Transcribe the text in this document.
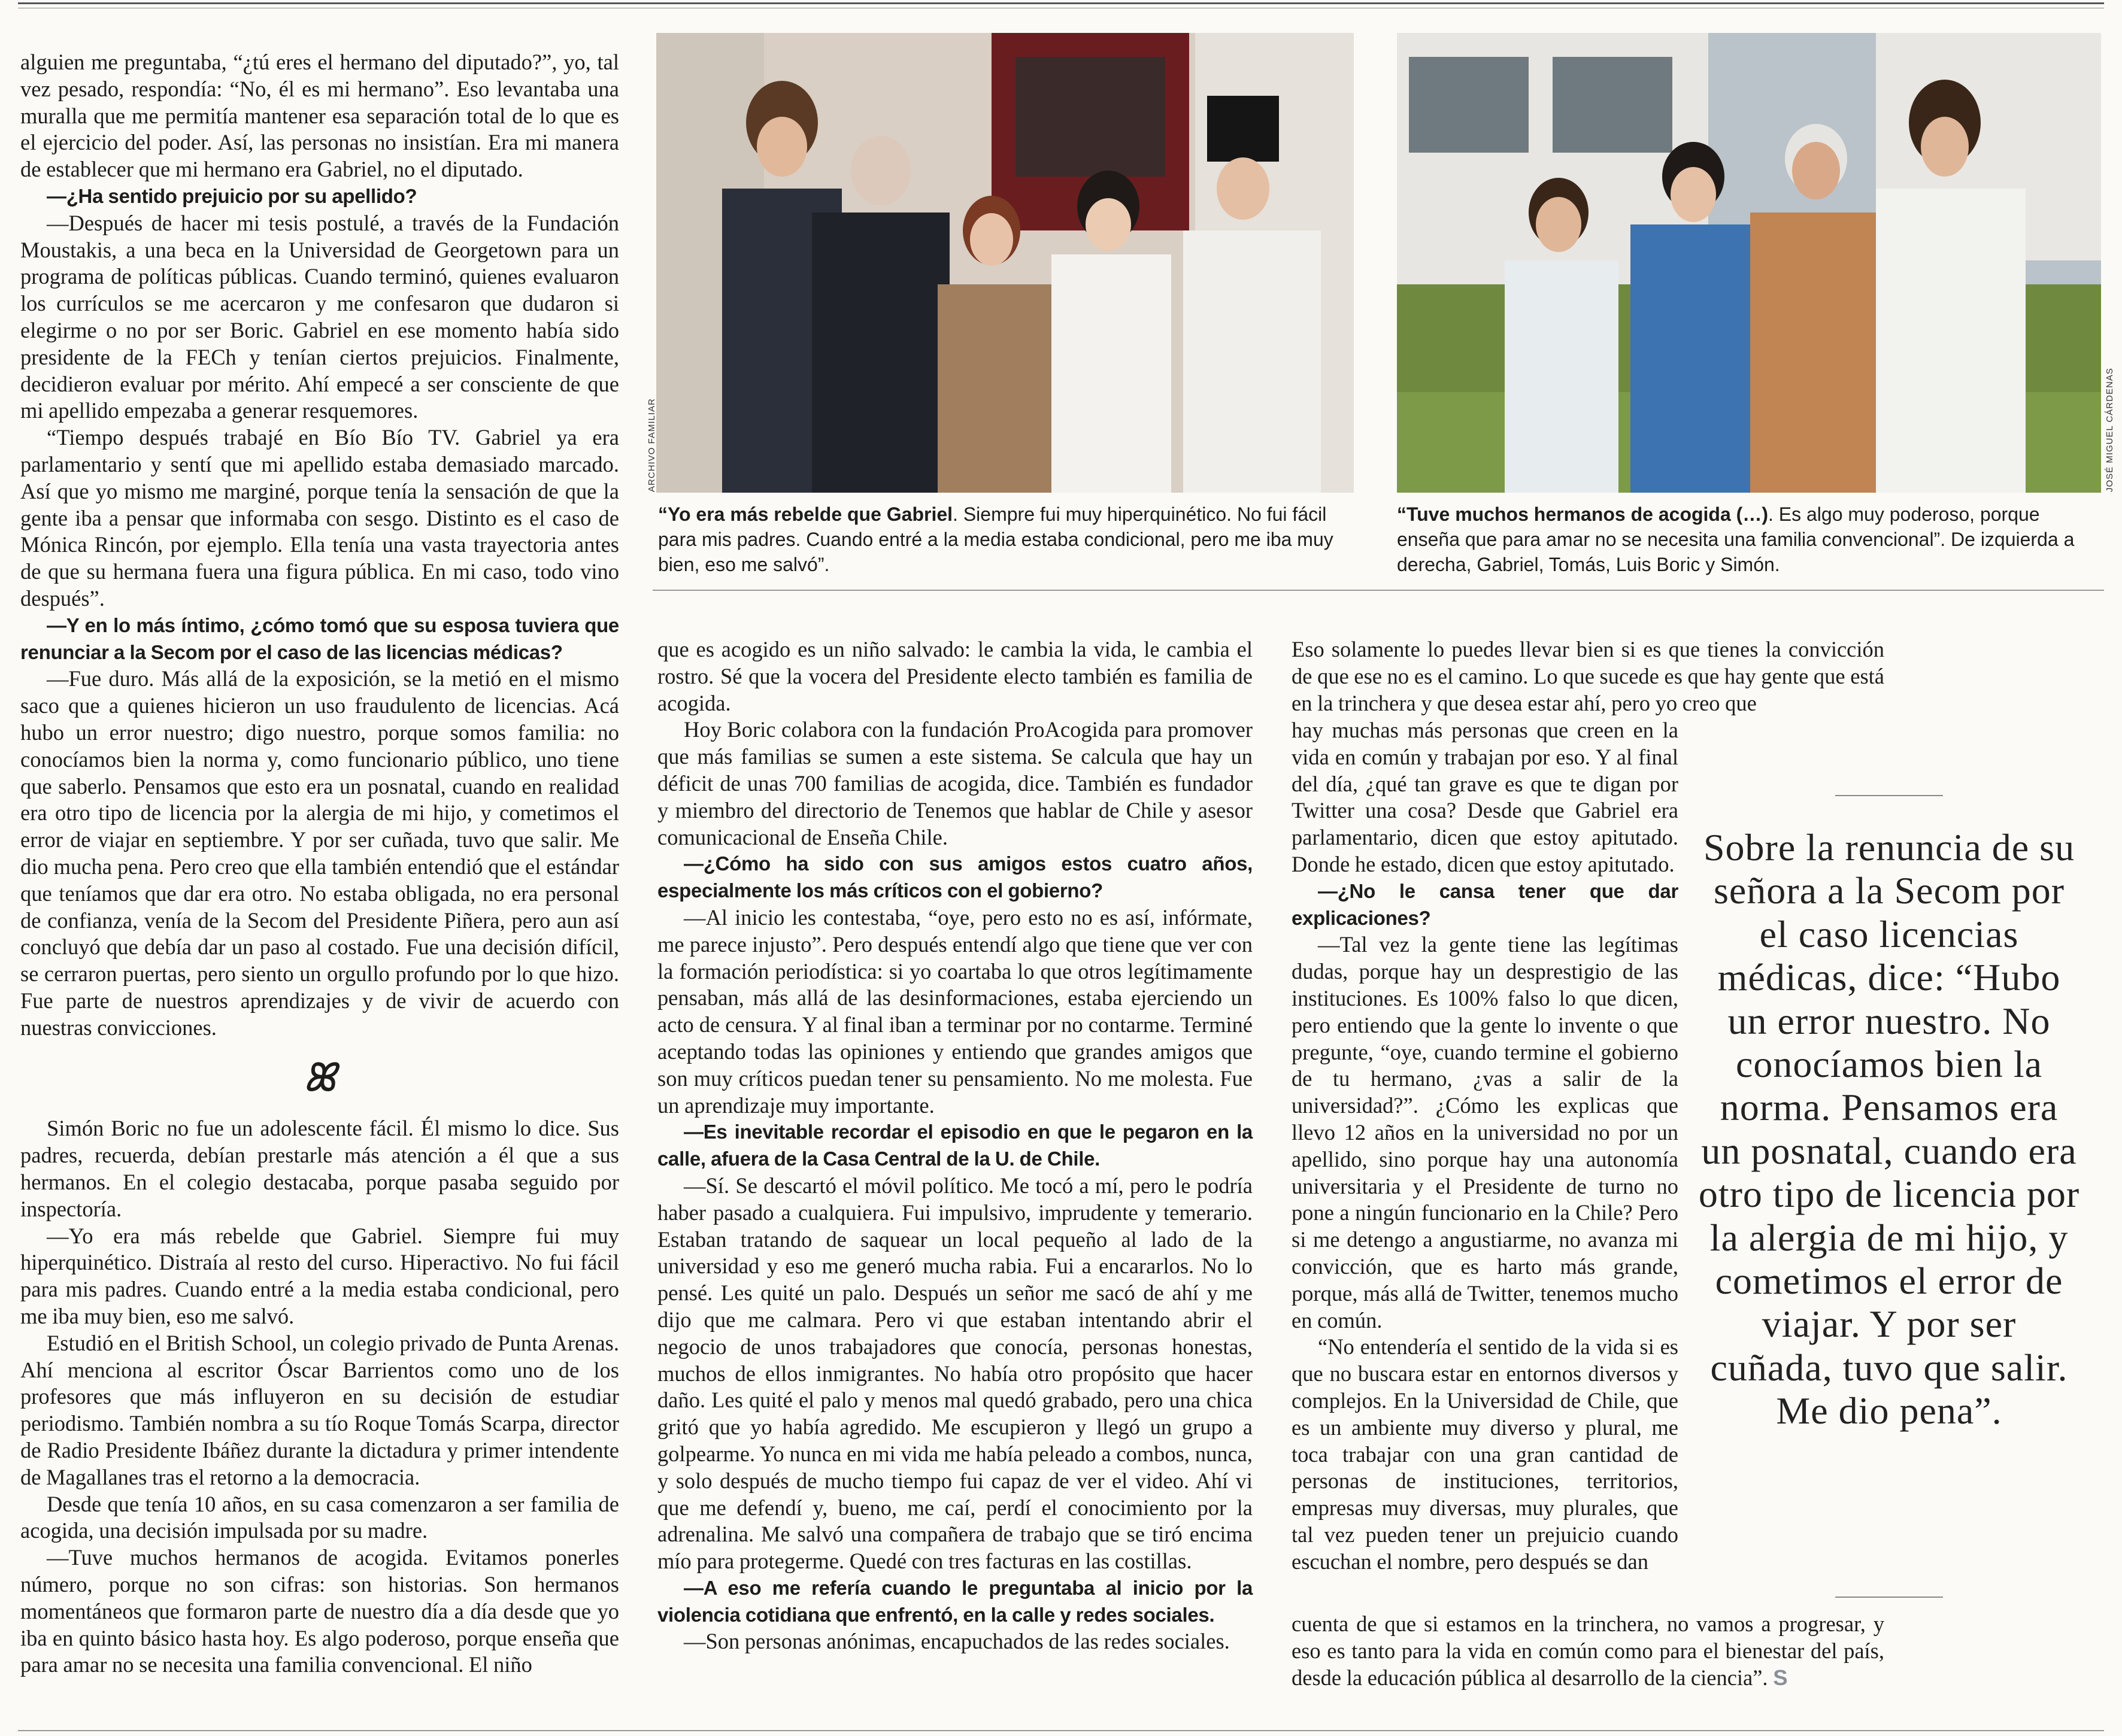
alguien me preguntaba, “¿tú eres el hermano del diputado?”, yo, tal vez pesado, respondía: “No, él es mi hermano”. Eso levantaba una muralla que me permitía mantener esa separación total de lo que es el ejercicio del poder. Así, las personas no insistían. Era mi manera de establecer que mi hermano era Gabriel, no el diputado.

—¿Ha sentido prejuicio por su apellido?

—Después de hacer mi tesis postulé, a través de la Fundación Moustakis, a una beca en la Universidad de Georgetown para un programa de políticas públicas. Cuando terminó, quienes evaluaron los currículos se me acercaron y me confesaron que dudaron si elegirme o no por ser Boric. Gabriel en ese momento había sido presidente de la FECh y tenían ciertos prejuicios. Finalmente, decidieron evaluar por mérito. Ahí empecé a ser consciente de que mi apellido empezaba a generar resquemores.

“Tiempo después trabajé en Bío Bío TV. Gabriel ya era parlamentario y sentí que mi apellido estaba demasiado marcado. Así que yo mismo me marginé, porque tenía la sensación de que la gente iba a pensar que informaba con sesgo. Distinto es el caso de Mónica Rincón, por ejemplo. Ella tenía una vasta trayectoria antes de que su hermana fuera una figura pública. En mi caso, todo vino después”.

—Y en lo más íntimo, ¿cómo tomó que su esposa tuviera que renunciar a la Secom por el caso de las licencias médicas?

—Fue duro. Más allá de la exposición, se la metió en el mismo saco que a quienes hicieron un uso fraudulento de licencias. Acá hubo un error nuestro; digo nuestro, porque somos familia: no conocíamos bien la norma y, como funcionario público, uno tiene que saberlo. Pensamos que esto era un posnatal, cuando en realidad era otro tipo de licencia por la alergia de mi hijo, y cometimos el error de viajar en septiembre. Y por ser cuñada, tuvo que salir. Me dio mucha pena. Pero creo que ella también entendió que el estándar que teníamos que dar era otro. No estaba obligada, no era personal de confianza, venía de la Secom del Presidente Piñera, pero aun así concluyó que debía dar un paso al costado. Fue una decisión difícil, se cerraron puertas, pero siento un orgullo profundo por lo que hizo. Fue parte de nuestros aprendizajes y de vivir de acuerdo con nuestras convicciones.

ꕤ

Simón Boric no fue un adolescente fácil. Él mismo lo dice. Sus padres, recuerda, debían prestarle más atención a él que a sus hermanos. En el colegio destacaba, porque pasaba seguido por inspectoría.

—Yo era más rebelde que Gabriel. Siempre fui muy hiperquinético. Distraía al resto del curso. Hiperactivo. No fui fácil para mis padres. Cuando entré a la media estaba condicional, pero me iba muy bien, eso me salvó.

Estudió en el British School, un colegio privado de Punta Arenas. Ahí menciona al escritor Óscar Barrientos como uno de los profesores que más influyeron en su decisión de estudiar periodismo. También nombra a su tío Roque Tomás Scarpa, director de Radio Presidente Ibáñez durante la dictadura y primer intendente de Magallanes tras el retorno a la democracia.

Desde que tenía 10 años, en su casa comenzaron a ser familia de acogida, una decisión impulsada por su madre.

—Tuve muchos hermanos de acogida. Evitamos ponerles número, porque no son cifras: son historias. Son hermanos momentáneos que formaron parte de nuestro día a día desde que yo iba en quinto básico hasta hoy. Es algo poderoso, porque enseña que para amar no se necesita una familia convencional. El niño

ARCHIVO FAMILIAR	JOSÉ MIGUEL CÁRDENAS
“Yo era más rebelde que Gabriel. Siempre fui muy hiperquinético. No fui fácil para mis padres. Cuando entré a la media estaba condicional, pero me iba muy bien, eso me salvó”.
“Tuve muchos hermanos de acogida (…). Es algo muy poderoso, porque enseña que para amar no se necesita una familia convencional”. De izquierda a derecha, Gabriel, Tomás, Luis Boric y Simón.

que es acogido es un niño salvado: le cambia la vida, le cambia el rostro. Sé que la vocera del Presidente electo también es familia de acogida.

Hoy Boric colabora con la fundación ProAcogida para promover que más familias se sumen a este sistema. Se calcula que hay un déficit de unas 700 familias de acogida, dice. También es fundador y miembro del directorio de Tenemos que hablar de Chile y asesor comunicacional de Enseña Chile.

—¿Cómo ha sido con sus amigos estos cuatro años, especialmente los más críticos con el gobierno?

—Al inicio les contestaba, “oye, pero esto no es así, infórmate, me parece injusto”. Pero después entendí algo que tiene que ver con la formación periodística: si yo coartaba lo que otros legítimamente pensaban, más allá de las desinformaciones, estaba ejerciendo un acto de censura. Y al final iban a terminar por no contarme. Terminé aceptando todas las opiniones y entiendo que grandes amigos que son muy críticos puedan tener su pensamiento. No me molesta. Fue un aprendizaje muy importante.

—Es inevitable recordar el episodio en que le pegaron en la calle, afuera de la Casa Central de la U. de Chile.

—Sí. Se descartó el móvil político. Me tocó a mí, pero le podría haber pasado a cualquiera. Fui impulsivo, imprudente y temerario. Estaban tratando de saquear un local pequeño al lado de la universidad y eso me generó mucha rabia. Fui a encararlos. No lo pensé. Les quité un palo. Después un señor me sacó de ahí y me dijo que me calmara. Pero vi que estaban intentando abrir el negocio de unos trabajadores que conocía, personas honestas, muchos de ellos inmigrantes. No había otro propósito que hacer daño. Les quité el palo y menos mal quedó grabado, pero una chica gritó que yo había agredido. Me escupieron y llegó un grupo a golpearme. Yo nunca en mi vida me había peleado a combos, nunca, y solo después de mucho tiempo fui capaz de ver el video. Ahí vi que me defendí y, bueno, me caí, perdí el conocimiento por la adrenalina. Me salvó una compañera de trabajo que se tiró encima mío para protegerme. Quedé con tres facturas en las costillas.

—A eso me refería cuando le preguntaba al inicio por la violencia cotidiana que enfrentó, en la calle y redes sociales.

—Son personas anónimas, encapuchados de las redes sociales.

Eso solamente lo puedes llevar bien si es que tienes la convicción de que ese no es el camino. Lo que sucede es que hay gente que está en la trinchera y que desea estar ahí, pero yo creo que

hay muchas más personas que creen en la vida en común y trabajan por eso. Y al final del día, ¿qué tan grave es que te digan por Twitter una cosa? Desde que Gabriel era parlamentario, dicen que estoy apitutado. Donde he estado, dicen que estoy apitutado.

—¿No le cansa tener que dar explicaciones?

—Tal vez la gente tiene las legítimas dudas, porque hay un desprestigio de las instituciones. Es 100% falso lo que dicen, pero entiendo que la gente lo invente o que pregunte, “oye, cuando termine el gobierno de tu hermano, ¿vas a salir de la universidad?”. ¿Cómo les explicas que llevo 12 años en la universidad no por un apellido, sino porque hay una autonomía universitaria y el Presidente de turno no pone a ningún funcionario en la Chile? Pero si me detengo a angustiarme, no avanza mi convicción, que es harto más grande, porque, más allá de Twitter, tenemos mucho en común.

“No entendería el sentido de la vida si es que no buscara estar en entornos diversos y complejos. En la Universidad de Chile, que es un ambiente muy diverso y plural, me toca trabajar con una gran cantidad de personas de instituciones, territorios, empresas muy diversas, muy plurales, que tal vez pueden tener un prejuicio cuando escuchan el nombre, pero después se dan

cuenta de que si estamos en la trinchera, no vamos a progresar, y eso es tanto para la vida en común como para el bienestar del país, desde la educación pública al desarrollo de la ciencia”. S

Sobre la renuncia de su señora a la Secom por el caso licencias médicas, dice: “Hubo un error nuestro. No conocíamos bien la norma. Pensamos era un posnatal, cuando era otro tipo de licencia por la alergia de mi hijo, y cometimos el error de viajar. Y por ser cuñada, tuvo que salir. Me dio pena”.
